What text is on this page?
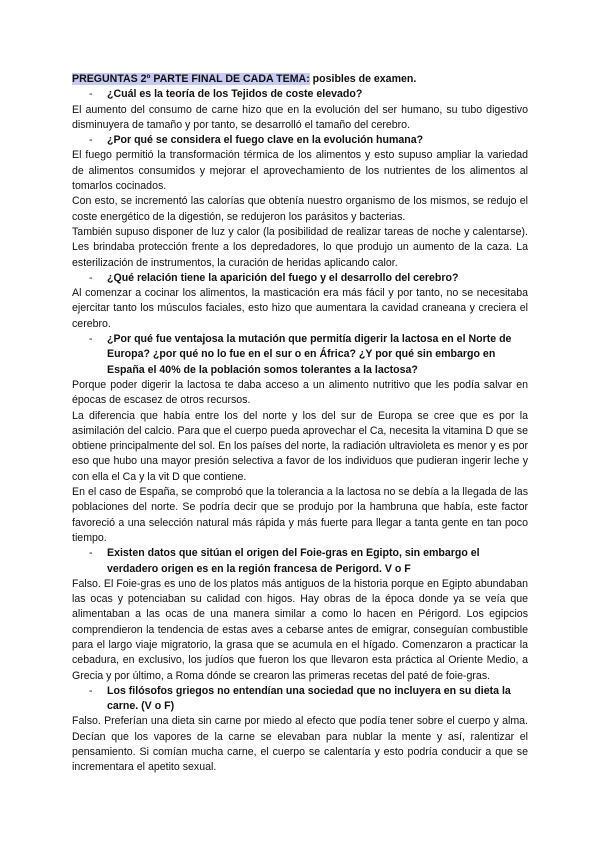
PREGUNTAS 2º PARTE FINAL DE CADA TEMA: posibles de examen.

- ¿Cuál es la teoría de los Tejidos de coste elevado?

El aumento del consumo de carne hizo que en la evolución del ser humano, su tubo digestivo disminuyera de tamaño y por tanto, se desarrolló el tamaño del cerebro.

- ¿Por qué se considera el fuego clave en la evolución humana?

El fuego permitió la transformación térmica de los alimentos y esto supuso ampliar la variedad de alimentos consumidos y mejorar el aprovechamiento de los nutrientes de los alimentos al tomarlos cocinados.

Con esto, se incrementó las calorías que obtenía nuestro organismo de los mismos, se redujo el coste energético de la digestión, se redujeron los parásitos y bacterias.

También supuso disponer de luz y calor (la posibilidad de realizar tareas de noche y calentarse). Les brindaba protección frente a los depredadores, lo que produjo un aumento de la caza. La esterilización de instrumentos, la curación de heridas aplicando calor.

- ¿Qué relación tiene la aparición del fuego y el desarrollo del cerebro?

Al comenzar a cocinar los alimentos, la masticación era más fácil y por tanto, no se necesitaba ejercitar tanto los músculos faciales, esto hizo que aumentara la cavidad craneana y creciera el cerebro.

- ¿Por qué fue ventajosa la mutación que permitía digerir la lactosa en el Norte de Europa? ¿por qué no lo fue en el sur o en África? ¿Y por qué sin embargo en España el 40% de la población somos tolerantes a la lactosa?

Porque poder digerir la lactosa te daba acceso a un alimento nutritivo que les podía salvar en épocas de escasez de otros recursos.

La diferencia que había entre los del norte y los del sur de Europa se cree que es por la asimilación del calcio. Para que el cuerpo pueda aprovechar el Ca, necesita la vitamina D que se obtiene principalmente del sol. En los países del norte, la radiación ultravioleta es menor y es por eso que hubo una mayor presión selectiva a favor de los individuos que pudieran ingerir leche y con ella el Ca y la vit D que contiene.

En el caso de España, se comprobó que la tolerancia a la lactosa no se debía a la llegada de las poblaciones del norte. Se podría decir que se produjo por la hambruna que había, este factor favoreció a una selección natural más rápida y más fuerte para llegar a tanta gente en tan poco tiempo.

- Existen datos que sitúan el origen del Foie-gras en Egipto, sin embargo el verdadero origen es en la región francesa de Perigord. V o F

Falso. El Foie-gras es uno de los platos más antiguos de la historia porque en Egipto abundaban las ocas y potenciaban su calidad con higos. Hay obras de la época donde ya se veía que alimentaban a las ocas de una manera similar a como lo hacen en Périgord. Los egipcios comprendieron la tendencia de estas aves a cebarse antes de emigrar, conseguían combustible para el largo viaje migratorio, la grasa que se acumula en el hígado. Comenzaron a practicar la cebadura, en exclusivo, los judíos que fueron los que llevaron esta práctica al Oriente Medio, a Grecia y por último, a Roma dónde se crearon las primeras recetas del paté de foie-gras.

- Los filósofos griegos no entendían una sociedad que no incluyera en su dieta la carne. (V o F)

Falso. Preferían una dieta sin carne por miedo al efecto que podía tener sobre el cuerpo y alma. Decían que los vapores de la carne se elevaban para nublar la mente y así, ralentizar el pensamiento. Si comían mucha carne, el cuerpo se calentaría y esto podría conducir a que se incrementara el apetito sexual.
